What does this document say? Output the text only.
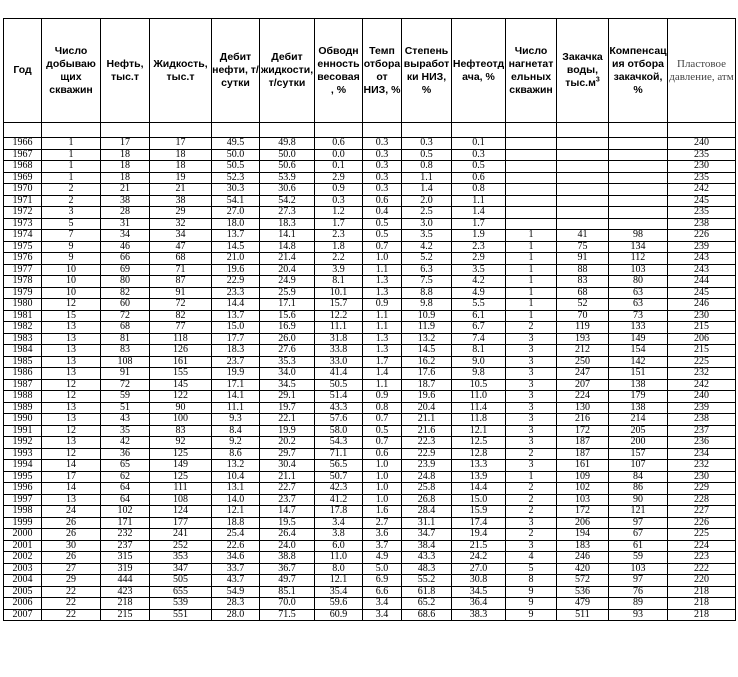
Год	Число добываю щих скважин	Нефть, тыс.т	Жидкость, тыс.т	Дебит нефти, т/сутки	Дебит жидкости, т/сутки	Обводн енность весовая , %	Темп отбора от НИЗ, %	Степень выработ ки НИЗ, %	Нефтеотд ача, %	Число нагнетат ельных скважин	Закачка воды, $тыс.м^3$	Компенсац ия отбора закачкой, %	Пластовое давление, атм

1966	1	17	17	49.5	49.8	0.6	0.3	0.3	0.1				240
1967	1	18	18	50.0	50.0	0.0	0.3	0.5	0.3				235
1968	1	18	18	50.5	50.6	0.1	0.3	0.8	0.5				230
1969	1	18	19	52.3	53.9	2.9	0.3	1.1	0.6				235
1970	2	21	21	30.3	30.6	0.9	0.3	1.4	0.8				242
1971	2	38	38	54.1	54.2	0.3	0.6	2.0	1.1				245
1972	3	28	29	27.0	27.3	1.2	0.4	2.5	1.4				235
1973	5	31	32	18.0	18.3	1.7	0.5	3.0	1.7				238
1974	7	34	34	13.7	14.1	2.3	0.5	3.5	1.9	1	41	98	226
1975	9	46	47	14.5	14.8	1.8	0.7	4.2	2.3	1	75	134	239
1976	9	66	68	21.0	21.4	2.2	1.0	5.2	2.9	1	91	112	243
1977	10	69	71	19.6	20.4	3.9	1.1	6.3	3.5	1	88	103	243
1978	10	80	87	22.9	24.9	8.1	1.3	7.5	4.2	1	83	80	244
1979	10	82	91	23.3	25.9	10.1	1.3	8.8	4.9	1	68	63	245
1980	12	60	72	14.4	17.1	15.7	0.9	9.8	5.5	1	52	63	246
1981	15	72	82	13.7	15.6	12.2	1.1	10.9	6.1	1	70	73	230
1982	13	68	77	15.0	16.9	11.1	1.1	11.9	6.7	2	119	133	215
1983	13	81	118	17.7	26.0	31.8	1.3	13.2	7.4	3	193	149	206
1984	13	83	126	18.3	27.6	33.8	1.3	14.5	8.1	3	212	154	215
1985	13	108	161	23.7	35.3	33.0	1.7	16.2	9.0	3	250	142	225
1986	13	91	155	19.9	34.0	41.4	1.4	17.6	9.8	3	247	151	232
1987	12	72	145	17.1	34.5	50.5	1.1	18.7	10.5	3	207	138	242
1988	12	59	122	14.1	29.1	51.4	0.9	19.6	11.0	3	224	179	240
1989	13	51	90	11.1	19.7	43.3	0.8	20.4	11.4	3	130	138	239
1990	13	43	100	9.3	22.1	57.6	0.7	21.1	11.8	3	216	214	238
1991	12	35	83	8.4	19.9	58.0	0.5	21.6	12.1	3	172	205	237
1992	13	42	92	9.2	20.2	54.3	0.7	22.3	12.5	3	187	200	236
1993	12	36	125	8.6	29.7	71.1	0.6	22.9	12.8	2	187	157	234
1994	14	65	149	13.2	30.4	56.5	1.0	23.9	13.3	3	161	107	232
1995	17	62	125	10.4	21.1	50.7	1.0	24.8	13.9	1	109	84	230
1996	14	64	111	13.1	22.7	42.3	1.0	25.8	14.4	2	102	86	229
1997	13	64	108	14.0	23.7	41.2	1.0	26.8	15.0	2	103	90	228
1998	24	102	124	12.1	14.7	17.8	1.6	28.4	15.9	2	172	121	227
1999	26	171	177	18.8	19.5	3.4	2.7	31.1	17.4	3	206	97	226
2000	26	232	241	25.4	26.4	3.8	3.6	34.7	19.4	2	194	67	225
2001	30	237	252	22.6	24.0	6.0	3.7	38.4	21.5	3	183	61	224
2002	26	315	353	34.6	38.8	11.0	4.9	43.3	24.2	4	246	59	223
2003	27	319	347	33.7	36.7	8.0	5.0	48.3	27.0	5	420	103	222
2004	29	444	505	43.7	49.7	12.1	6.9	55.2	30.8	8	572	97	220
2005	22	423	655	54.9	85.1	35.4	6.6	61.8	34.5	9	536	76	218
2006	22	218	539	28.3	70.0	59.6	3.4	65.2	36.4	9	479	89	218
2007	22	215	551	28.0	71.5	60.9	3.4	68.6	38.3	9	511	93	218
